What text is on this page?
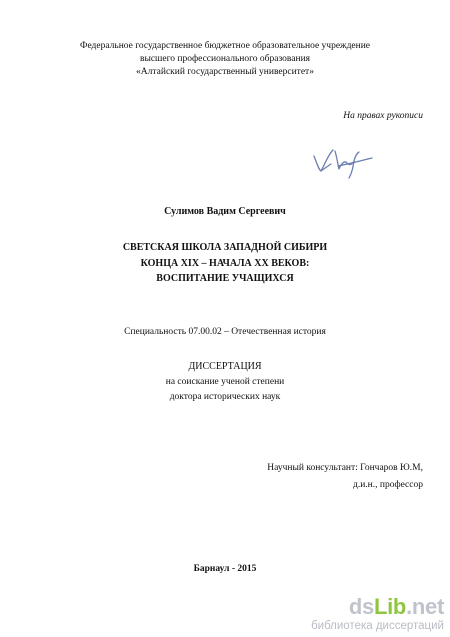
Федеральное государственное бюджетное образовательное учреждение
высшего профессионального образования
«Алтайский государственный университет»
На правах рукописи
Сулимов Вадим Сергеевич
СВЕТСКАЯ ШКОЛА ЗАПАДНОЙ СИБИРИ
КОНЦА XIX – НАЧАЛА XX ВЕКОВ:
ВОСПИТАНИЕ УЧАЩИХСЯ
Специальность 07.00.02 – Отечественная история
ДИССЕРТАЦИЯ
на соискание ученой степени
доктора исторических наук
Научный консультант: Гончаров Ю.М,
д.и.н., профессор
Барнаул - 2015
dsLib.net
библиотека диссертаций
